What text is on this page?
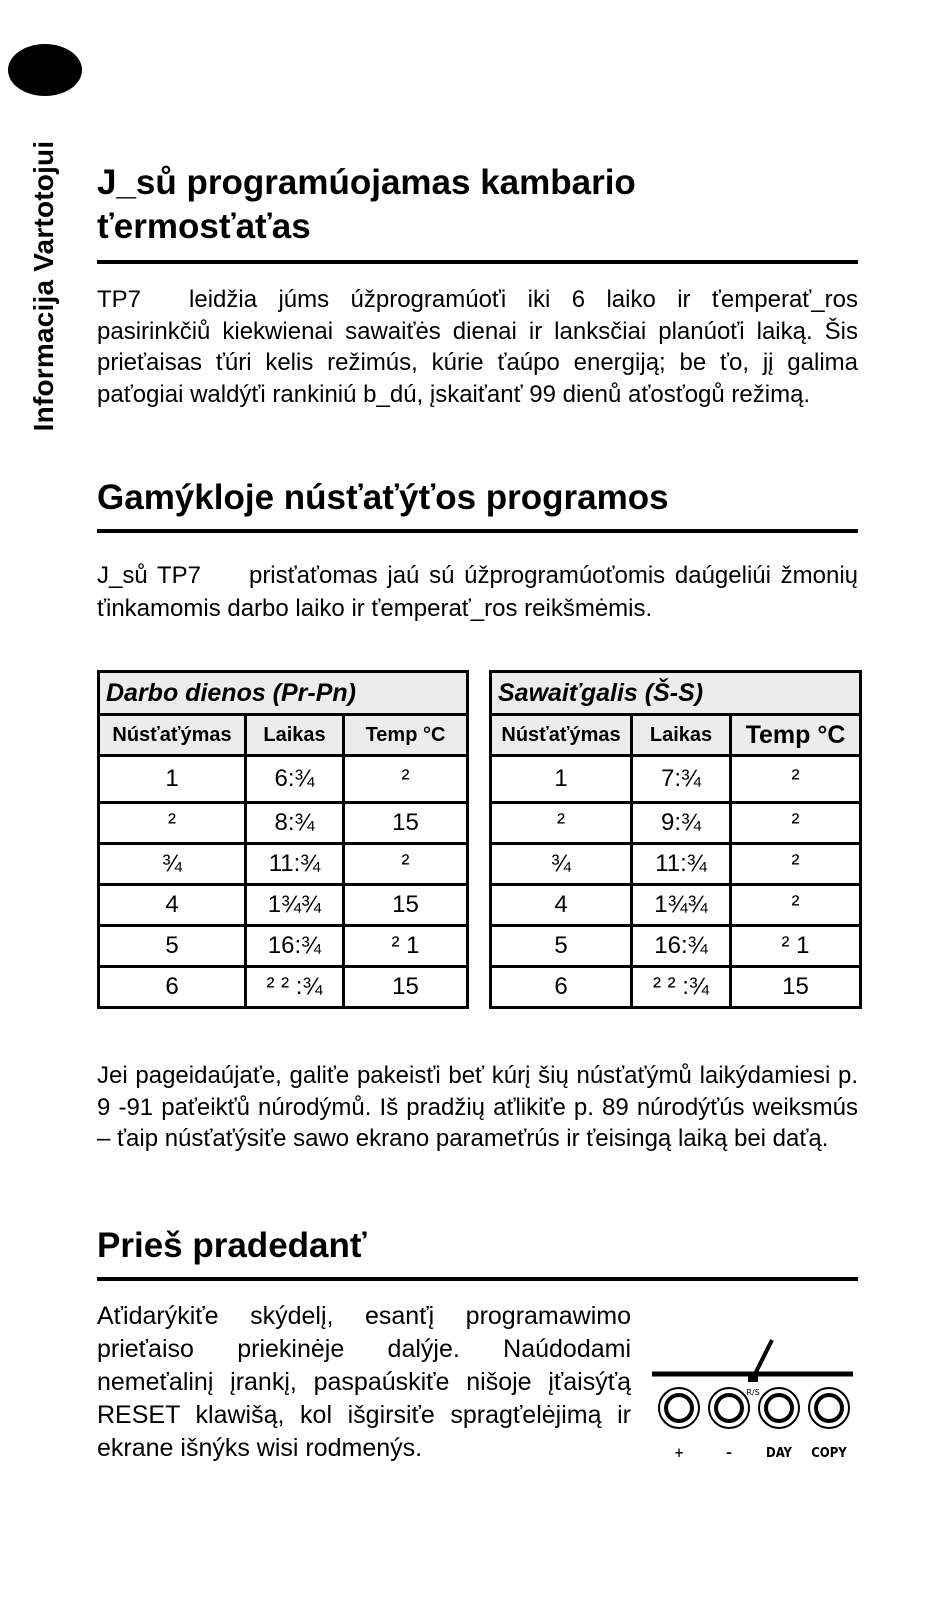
Informacija Vartotojui J_sů programúojamas kambario
ťermosťaťas

TP7 leidžia júms úžprogramúoťi iki 6 laiko ir ťemperať_ros pasirinkčiů kiekwienai sawaiťės dienai ir lanksčiai planúoťi laiką. Šis prieťaisas ťúri kelis režimús, kúrie ťaúpo energiją; be ťo, jį galima paťogiai waldýťi rankiniú b_dú, įskaiťanť 99 dienů aťosťogů režimą.

Gamýkloje núsťaťýťos programos

J_sů TP7 prisťaťomas jaú sú úžprogramúoťomis daúgeliúi žmonių ťinkamomis darbo laiko ir ťemperať_ros reikšmėmis.

Darbo dienos (Pr-Pn)		
Núsťaťýmas	Laikas	Temp °C
1	6:¾	²
²	8:¾	15
¾	11:¾	²
4	1¾¾	15
5	16:¾	² 1
6	² ² :¾	15
Sawaiťgalis (Š-S)		
Núsťaťýmas	Laikas	Temp °C
1	7:¾	²
²	9:¾	²
¾	11:¾	²
4	1¾¾	²
5	16:¾	² 1
6	² ² :¾	15

Jei pageidaújaťe, galiťe pakeisťi beť kúrį šių núsťaťýmů laikýdamiesi p. 9 -91 paťeikťů núrodýmů. Iš pradžių aťlikiťe p. 89 núrodýťús weiksmús – ťaip núsťaťýsiťe sawo ekrano parameťrús ir ťeisingą laiką bei daťą.

Prieš pradedanť

Aťidarýkiťe skýdelį, esanťį programawimo prieťaiso priekinėje dalýje. Naúdodami nemeťalinį įrankį, paspaúskiťe nišoje įťaisýťą RESET klawišą, kol išgirsiťe spragťelėjimą ir ekrane išnýks wisi rodmenýs.

R/S
+	–	DAY	COPY
